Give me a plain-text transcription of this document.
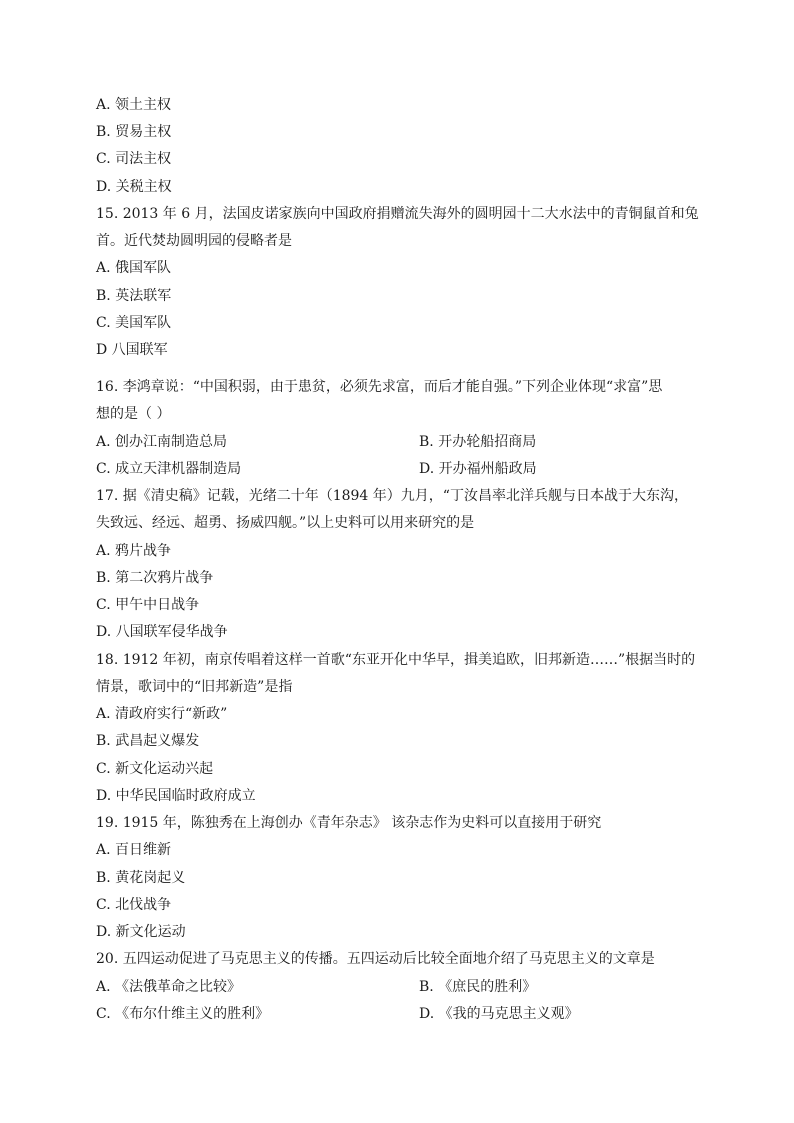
A. 领土主权
B. 贸易主权
C. 司法主权
D. 关税主权
15. 2013 年 6 月，法国皮诺家族向中国政府捐赠流失海外的圆明园十二大水法中的青铜鼠首和兔
首。近代焚劫圆明园的侵略者是
A. 俄国军队
B. 英法联军
C. 美国军队
D 八国联军
16. 李鸿章说：“中国积弱，由于患贫，必须先求富，而后才能自强。”下列企业体现“求富”思
想的是（ ）
A. 创办江南制造总局	B. 开办轮船招商局
C. 成立天津机器制造局	D. 开办福州船政局
17. 据《清史稿》记载，光绪二十年（1894 年）九月，“丁汝昌率北洋兵舰与日本战于大东沟，
失致远、经远、超勇、扬威四舰。”以上史料可以用来研究的是
A. 鸦片战争
B. 第二次鸦片战争
C. 甲午中日战争
D. 八国联军侵华战争
18. 1912 年初，南京传唱着这样一首歌“东亚开化中华早，揖美追欧，旧邦新造……”根据当时的
情景，歌词中的“旧邦新造”是指
A. 清政府实行“新政”
B. 武昌起义爆发
C. 新文化运动兴起
D. 中华民国临时政府成立
19. 1915 年，陈独秀在上海创办《青年杂志》 该杂志作为史料可以直接用于研究
A. 百日维新
B. 黄花岗起义
C. 北伐战争
D. 新文化运动
20. 五四运动促进了马克思主义的传播。五四运动后比较全面地介绍了马克思主义的文章是
A. 《法俄革命之比较》	B. 《庶民的胜利》
C. 《布尔什维主义的胜利》	D. 《我的马克思主义观》
